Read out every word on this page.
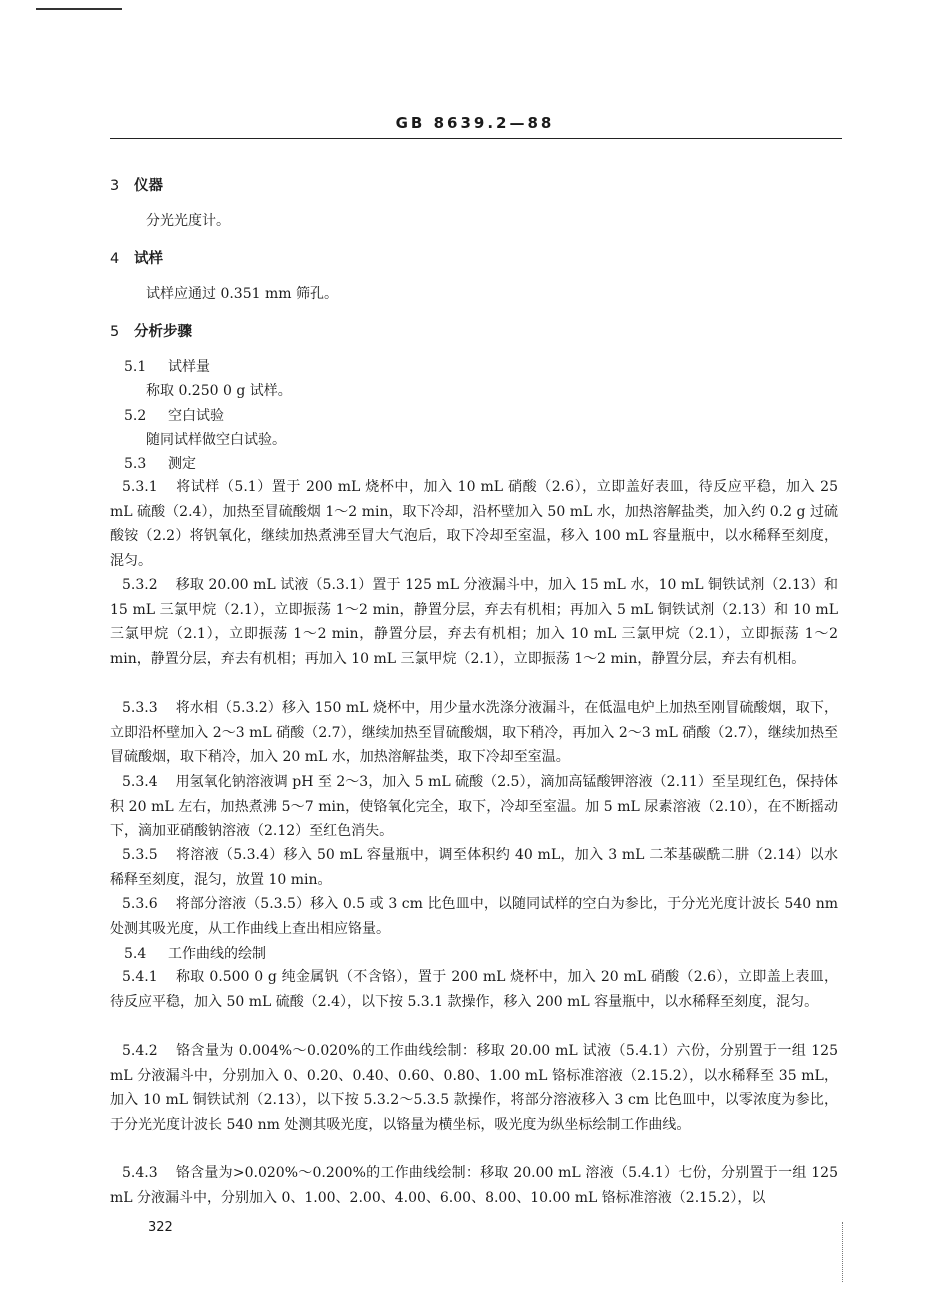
GB 8639.2—88
3 仪器
分光光度计。
4 试样
试样应通过 0.351 mm 筛孔。
5 分析步骤
5.1 试样量
称取 0.250 0 g 试样。
5.2 空白试验
随同试样做空白试验。
5.3 测定
5.3.1 将试样（5.1）置于 200 mL 烧杯中，加入 10 mL 硝酸（2.6），立即盖好表皿，待反应平稳，加入 25 mL 硫酸（2.4），加热至冒硫酸烟 1～2 min，取下冷却，沿杯壁加入 50 mL 水，加热溶解盐类，加入约 0.2 g 过硫酸铵（2.2）将钒氧化，继续加热煮沸至冒大气泡后，取下冷却至室温，移入 100 mL 容量瓶中，以水稀释至刻度，混匀。
5.3.2 移取 20.00 mL 试液（5.3.1）置于 125 mL 分液漏斗中，加入 15 mL 水，10 mL 铜铁试剂（2.13）和 15 mL 三氯甲烷（2.1），立即振荡 1～2 min，静置分层，弃去有机相；再加入 5 mL 铜铁试剂（2.13）和 10 mL 三氯甲烷（2.1），立即振荡 1～2 min，静置分层，弃去有机相；加入 10 mL 三氯甲烷（2.1），立即振荡 1～2 min，静置分层，弃去有机相；再加入 10 mL 三氯甲烷（2.1），立即振荡 1～2 min，静置分层，弃去有机相。
5.3.3 将水相（5.3.2）移入 150 mL 烧杯中，用少量水洗涤分液漏斗，在低温电炉上加热至刚冒硫酸烟，取下，立即沿杯壁加入 2～3 mL 硝酸（2.7），继续加热至冒硫酸烟，取下稍冷，再加入 2～3 mL 硝酸（2.7），继续加热至冒硫酸烟，取下稍冷，加入 20 mL 水，加热溶解盐类，取下冷却至室温。
5.3.4 用氢氧化钠溶液调 pH 至 2～3，加入 5 mL 硫酸（2.5），滴加高锰酸钾溶液（2.11）至呈现红色，保持体积 20 mL 左右，加热煮沸 5～7 min，使铬氧化完全，取下，冷却至室温。加 5 mL 尿素溶液（2.10），在不断摇动下，滴加亚硝酸钠溶液（2.12）至红色消失。
5.3.5 将溶液（5.3.4）移入 50 mL 容量瓶中，调至体积约 40 mL，加入 3 mL 二苯基碳酰二肼（2.14）以水稀释至刻度，混匀，放置 10 min。
5.3.6 将部分溶液（5.3.5）移入 0.5 或 3 cm 比色皿中，以随同试样的空白为参比，于分光光度计波长 540 nm 处测其吸光度，从工作曲线上查出相应铬量。
5.4 工作曲线的绘制
5.4.1 称取 0.500 0 g 纯金属钒（不含铬），置于 200 mL 烧杯中，加入 20 mL 硝酸（2.6），立即盖上表皿，待反应平稳，加入 50 mL 硫酸（2.4），以下按 5.3.1 款操作，移入 200 mL 容量瓶中，以水稀释至刻度，混匀。
5.4.2 铬含量为 0.004%～0.020%的工作曲线绘制：移取 20.00 mL 试液（5.4.1）六份，分别置于一组 125 mL 分液漏斗中，分别加入 0、0.20、0.40、0.60、0.80、1.00 mL 铬标准溶液（2.15.2），以水稀释至 35 mL，加入 10 mL 铜铁试剂（2.13），以下按 5.3.2～5.3.5 款操作，将部分溶液移入 3 cm 比色皿中，以零浓度为参比，于分光光度计波长 540 nm 处测其吸光度，以铬量为横坐标，吸光度为纵坐标绘制工作曲线。
5.4.3 铬含量为>0.020%～0.200%的工作曲线绘制：移取 20.00 mL 溶液（5.4.1）七份，分别置于一组 125 mL 分液漏斗中，分别加入 0、1.00、2.00、4.00、6.00、8.00、10.00 mL 铬标准溶液（2.15.2），以
322
